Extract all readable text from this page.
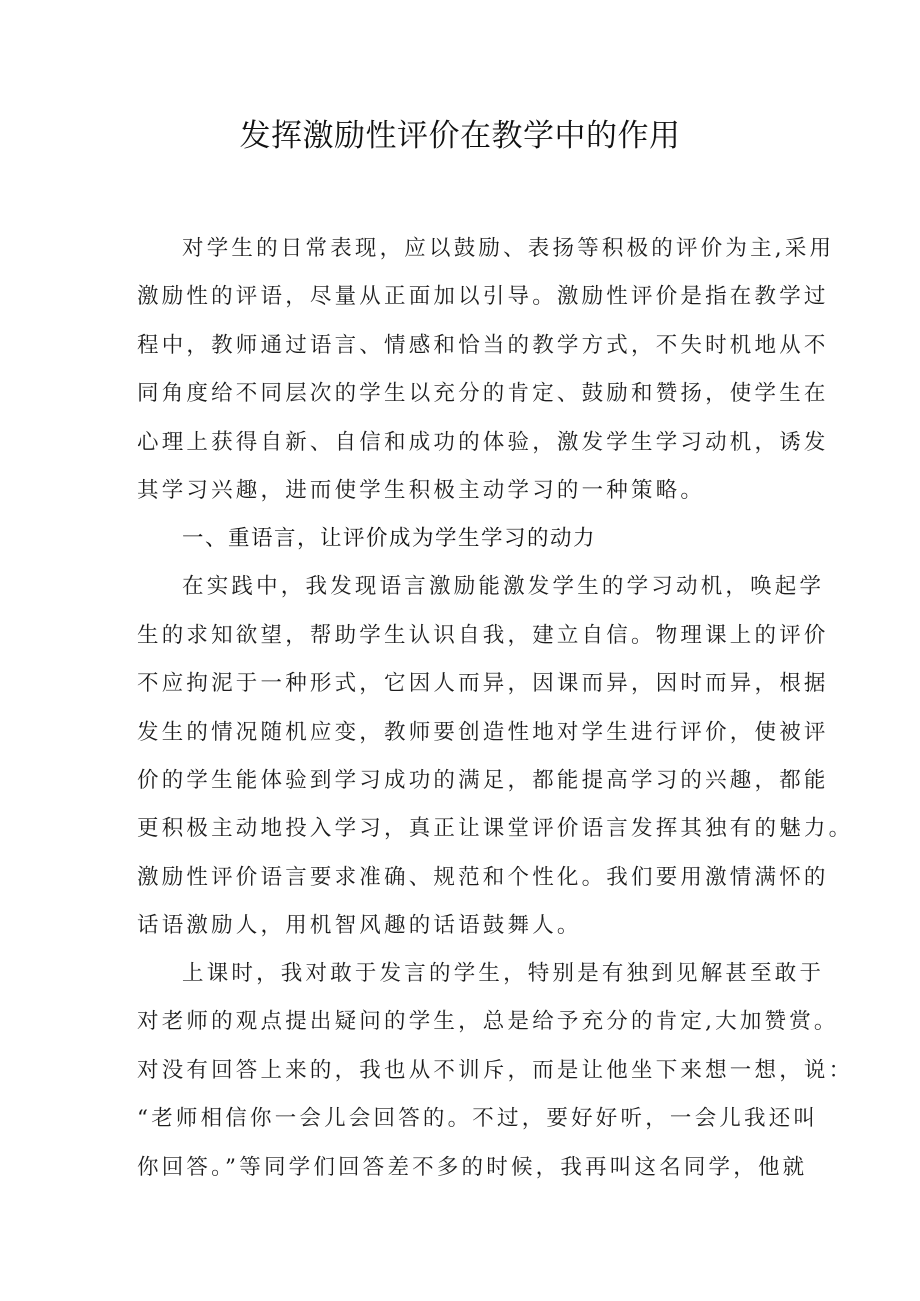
发挥激励性评价在教学中的作用
对学生的日常表现，应以鼓励、表扬等积极的评价为主,采用
激励性的评语，尽量从正面加以引导。激励性评价是指在教学过
程中，教师通过语言、情感和恰当的教学方式，不失时机地从不
同角度给不同层次的学生以充分的肯定、鼓励和赞扬，使学生在
心理上获得自新、自信和成功的体验，激发学生学习动机，诱发
其学习兴趣，进而使学生积极主动学习的一种策略。
一、重语言，让评价成为学生学习的动力
在实践中，我发现语言激励能激发学生的学习动机，唤起学
生的求知欲望，帮助学生认识自我，建立自信。物理课上的评价
不应拘泥于一种形式，它因人而异，因课而异，因时而异，根据
发生的情况随机应变，教师要创造性地对学生进行评价，使被评
价的学生能体验到学习成功的满足，都能提高学习的兴趣，都能
更积极主动地投入学习，真正让课堂评价语言发挥其独有的魅力。
激励性评价语言要求准确、规范和个性化。我们要用激情满怀的
话语激励人，用机智风趣的话语鼓舞人。
上课时，我对敢于发言的学生，特别是有独到见解甚至敢于
对老师的观点提出疑问的学生，总是给予充分的肯定,大加赞赏。
对没有回答上来的，我也从不训斥，而是让他坐下来想一想，说：
“老师相信你一会儿会回答的。不过，要好好听，一会儿我还叫
你回答。”等同学们回答差不多的时候，我再叫这名同学，他就
